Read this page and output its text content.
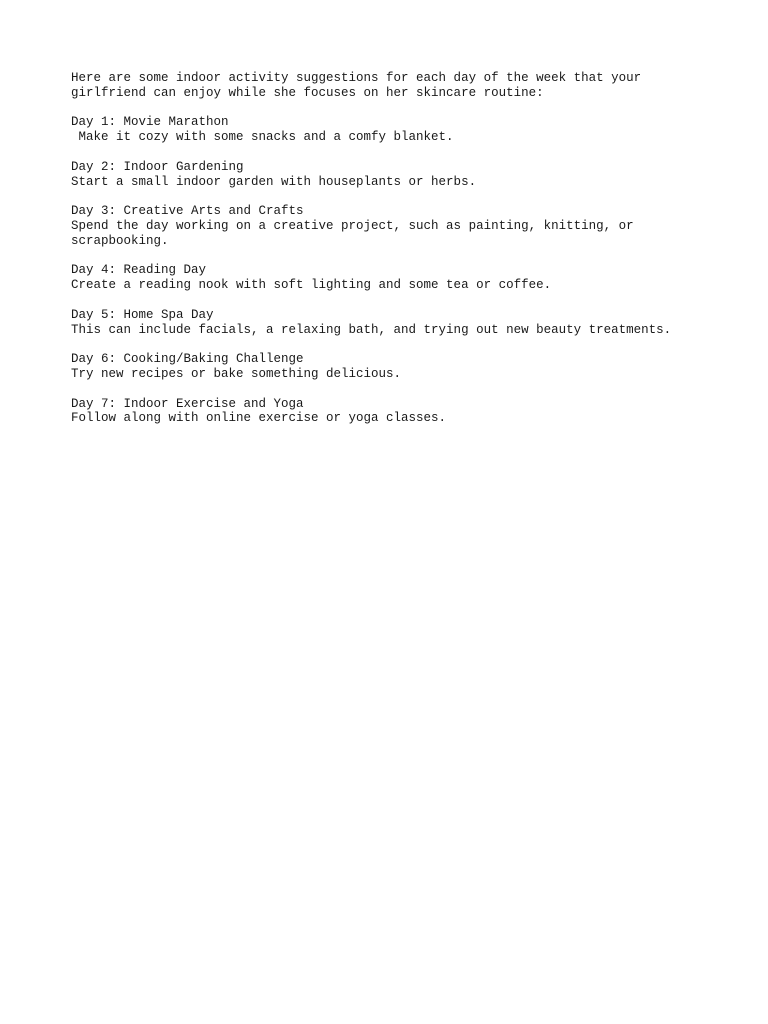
Here are some indoor activity suggestions for each day of the week that your
girlfriend can enjoy while she focuses on her skincare routine:
Day 1: Movie Marathon
Make it cozy with some snacks and a comfy blanket.
Day 2: Indoor Gardening
Start a small indoor garden with houseplants or herbs.
Day 3: Creative Arts and Crafts
Spend the day working on a creative project, such as painting, knitting, or
scrapbooking.
Day 4: Reading Day
Create a reading nook with soft lighting and some tea or coffee.
Day 5: Home Spa Day
This can include facials, a relaxing bath, and trying out new beauty treatments.
Day 6: Cooking/Baking Challenge
Try new recipes or bake something delicious.
Day 7: Indoor Exercise and Yoga
Follow along with online exercise or yoga classes.
